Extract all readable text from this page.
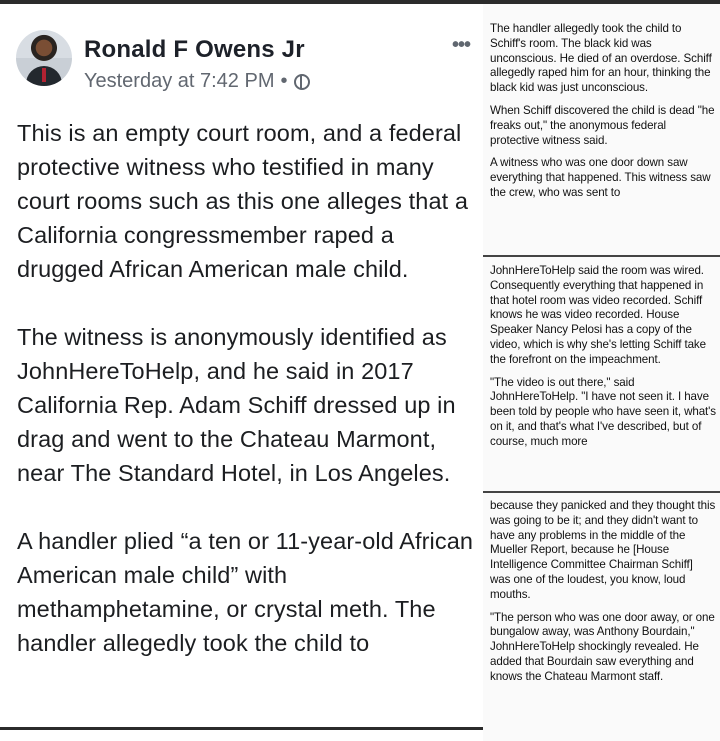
Ronald F Owens Jr
Yesterday at 7:42 PM •
•••

This is an empty court room, and a federal protective witness who testified in many court rooms such as this one alleges that a California congressmember raped a drugged African American male child.

The witness is anonymously identified as JohnHereToHelp, and he said in 2017 California Rep. Adam Schiff dressed up in drag and went to the Chateau Marmont, near The Standard Hotel, in Los Angeles.

A handler plied “a ten or 11-year-old African American male child” with methamphetamine, or crystal meth. The handler allegedly took the child to

The handler allegedly took the child to Schiff's room. The black kid was unconscious. He died of an overdose. Schiff allegedly raped him for an hour, thinking the black kid was just unconscious.

When Schiff discovered the child is dead "he freaks out," the anonymous federal protective witness said.

A witness who was one door down saw everything that happened. This witness saw the crew, who was sent to

JohnHereToHelp said the room was wired. Consequently everything that happened in that hotel room was video recorded. Schiff knows he was video recorded. House Speaker Nancy Pelosi has a copy of the video, which is why she's letting Schiff take the forefront on the impeachment.

"The video is out there," said JohnHereToHelp. "I have not seen it. I have been told by people who have seen it, what's on it, and that's what I've described, but of course, much more

because they panicked and they thought this was going to be it; and they didn't want to have any problems in the middle of the Mueller Report, because he [House Intelligence Committee Chairman Schiff] was one of the loudest, you know, loud mouths.

"The person who was one door away, or one bungalow away, was Anthony Bourdain," JohnHereToHelp shockingly revealed. He added that Bourdain saw everything and knows the Chateau Marmont staff.
